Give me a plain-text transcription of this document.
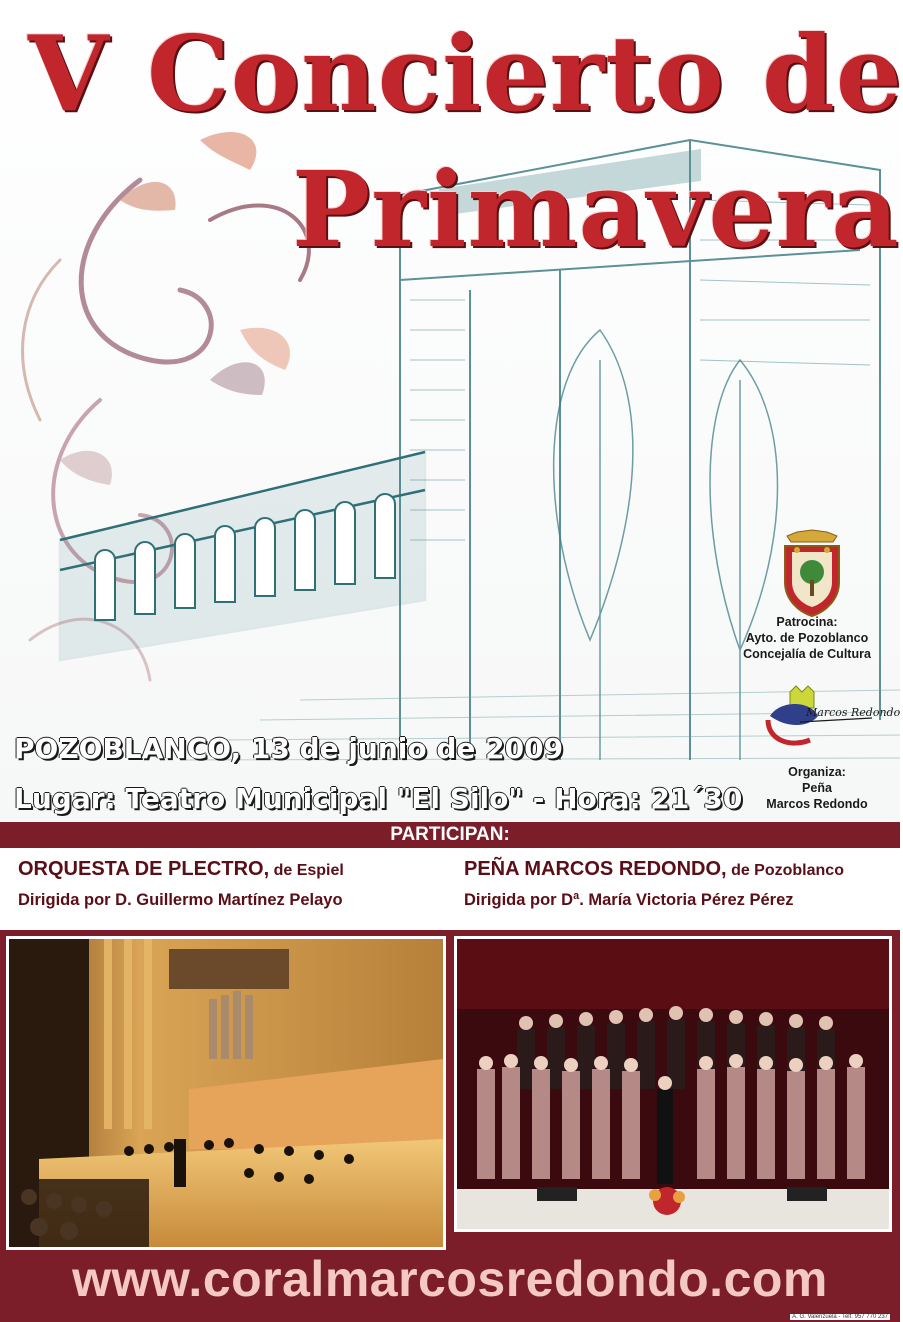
V Concierto de
Primavera
POZOBLANCO, 13 de junio de 2009
Lugar: Teatro Municipal "El Silo" - Hora: 21´30
Patrocina:
Ayto. de Pozoblanco
Concejalía de Cultura
Marcos Redondo
Organiza:
Peña
Marcos Redondo
PARTICIPAN:
ORQUESTA DE PLECTRO, de Espiel
Dirigida por D. Guillermo Martínez Pelayo
PEÑA MARCOS REDONDO, de Pozoblanco
Dirigida por Dª. María Victoria Pérez Pérez
www.coralmarcosredondo.com
A. G. Valenzuela - Telf. 957 770 237
